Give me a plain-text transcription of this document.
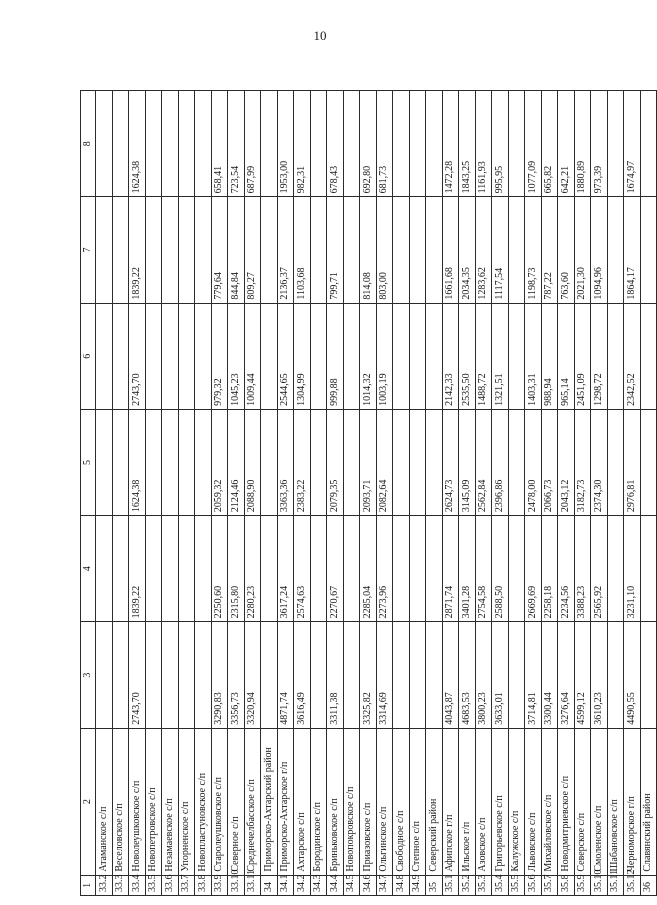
10
1	2	3	4	5	6	7	8
33.2	Атаманское с/п						
33.3	Веселовское с/п						
33.4	Новолеушковское с/п	2743,70	1839,22	1624,38	2743,70	1839,22	1624,38
33.5	Новопетровское с/п						
33.6	Незамаевское с/п						
33.7	Упорненское с/п						
33.8	Новопластуновское с/п						
33.9	Старолеушковское с/п	3290,83	2250,60	2059,32	979,32	779,64	658,41
33.10	Северное с/п	3356,73	2315,80	2124,46	1045,23	844,84	723,54
33.11	Среднечелбасское с/п	3320,94	2280,23	2088,90	1009,44	809,27	687,99
34	Приморско-Ахтарский район						
34.1	Приморско-Ахтарское г/п	4871,74	3617,24	3363,36	2544,65	2136,37	1953,00
34.2	Ахтарское с/п	3616,49	2574,63	2383,22	1304,99	1103,68	982,31
34.3	Бородинское с/п						
34.4	Бриньковское с/п	3311,38	2270,67	2079,35	999,88	799,71	678,43
34.5	Новопокровское с/п						
34.6	Приазовское с/п	3325,82	2285,04	2093,71	1014,32	814,08	692,80
34.7	Ольгинское с/п	3314,69	2273,96	2082,64	1003,19	803,00	681,73
34.8	Свободное с/п						
34.9	Степное с/п						
35	Северский район						
35.1	Афипское г/п	4043,87	2871,74	2624,73	2142,33	1661,68	1472,28
35.2	Ильское г/п	4683,53	3401,28	3145,09	2535,50	2034,35	1843,25
35.3	Азовское с/п	3800,23	2754,58	2562,84	1488,72	1283,62	1161,93
35.4	Григорьевское с/п	3633,01	2588,50	2396,86	1321,51	1117,54	995,95
35.5	Калужское с/п						
35.6	Львовское с/п	3714,81	2669,69	2478,00	1403,31	1198,73	1077,09
35.7	Михайловское с/п	3300,44	2258,18	2066,73	988,94	787,22	665,82
35.8	Новодмитриевское с/п	3276,64	2234,56	2043,12	965,14	763,60	642,21
35.9	Северское с/п	4599,12	3388,23	3182,73	2451,09	2021,30	1880,89
35.10	Смоленское с/п	3610,23	2565,92	2374,30	1298,72	1094,96	973,39
35.11	Шабановское с/п						
35.12	Черноморское г/п	4490,55	3231,10	2976,81	2342,52	1864,17	1674,97
36	Славянский район						
